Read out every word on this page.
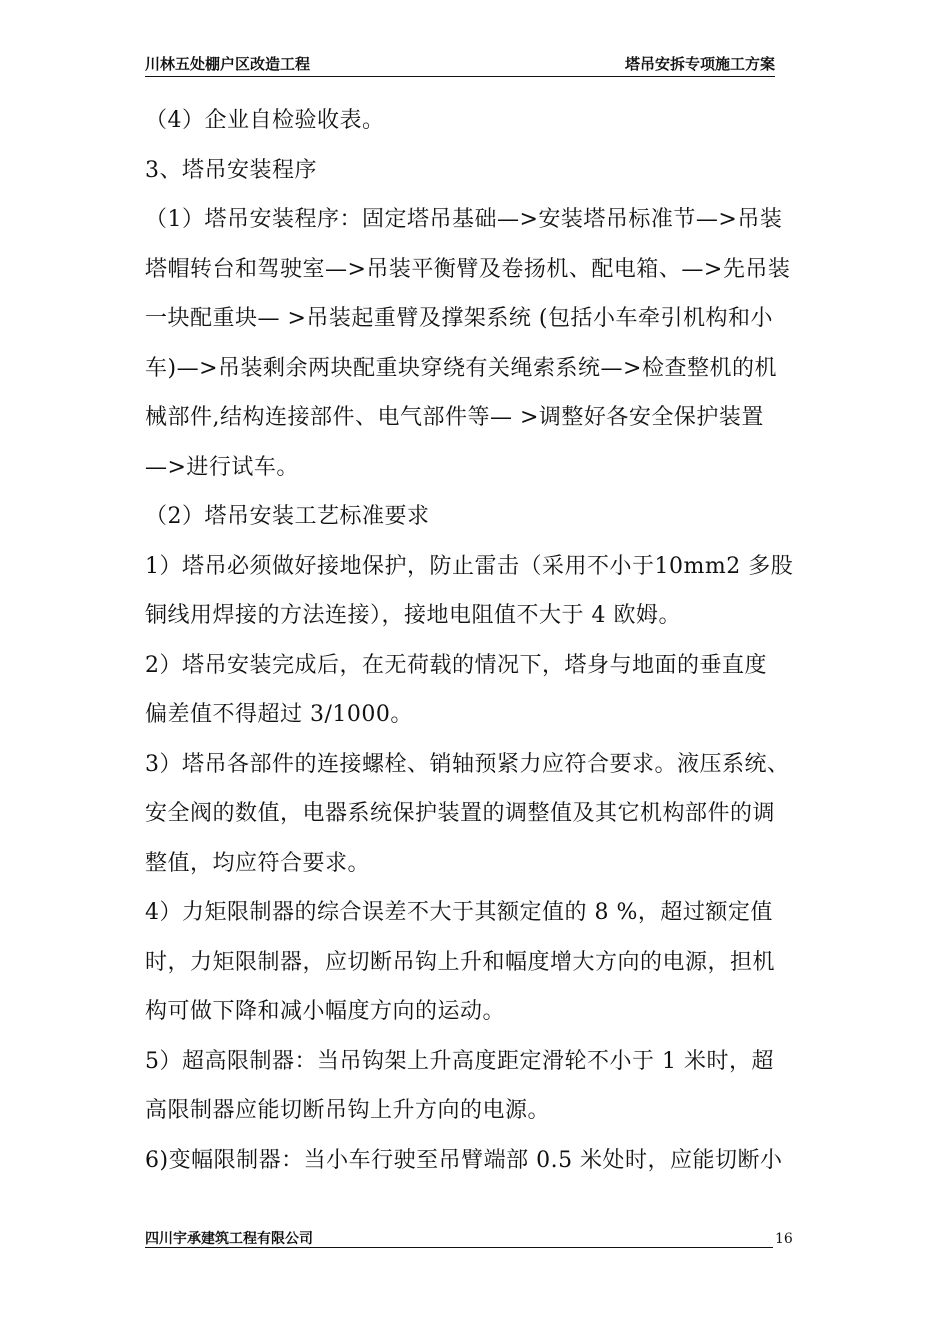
川林五处棚户区改造工程	塔吊安拆专项施工方案
（4）企业自检验收表。
3、塔吊安装程序
（1）塔吊安装程序：固定塔吊基础—>安装塔吊标准节—>吊装
塔帽转台和驾驶室—>吊装平衡臂及卷扬机、配电箱、—>先吊装
一块配重块— >吊装起重臂及撑架系统 (包括小车牵引机构和小
车)—>吊装剩余两块配重块穿绕有关绳索系统—>检查整机的机
械部件,结构连接部件、电气部件等— >调整好各安全保护装置
—>进行试车。
（2）塔吊安装工艺标准要求
1）塔吊必须做好接地保护，防止雷击（采用不小于10mm2 多股
铜线用焊接的方法连接），接地电阻值不大于 4 欧姆。
2）塔吊安装完成后，在无荷载的情况下，塔身与地面的垂直度
偏差值不得超过 3/1000。
3）塔吊各部件的连接螺栓、销轴预紧力应符合要求。液压系统、
安全阀的数值，电器系统保护装置的调整值及其它机构部件的调
整值，均应符合要求。
4）力矩限制器的综合误差不大于其额定值的 8 %，超过额定值
时，力矩限制器，应切断吊钩上升和幅度增大方向的电源，担机
构可做下降和减小幅度方向的运动。
5）超高限制器：当吊钩架上升高度距定滑轮不小于 1 米时，超
高限制器应能切断吊钩上升方向的电源。
6)变幅限制器：当小车行驶至吊臂端部 0.5 米处时，应能切断小
四川宇承建筑工程有限公司	16
